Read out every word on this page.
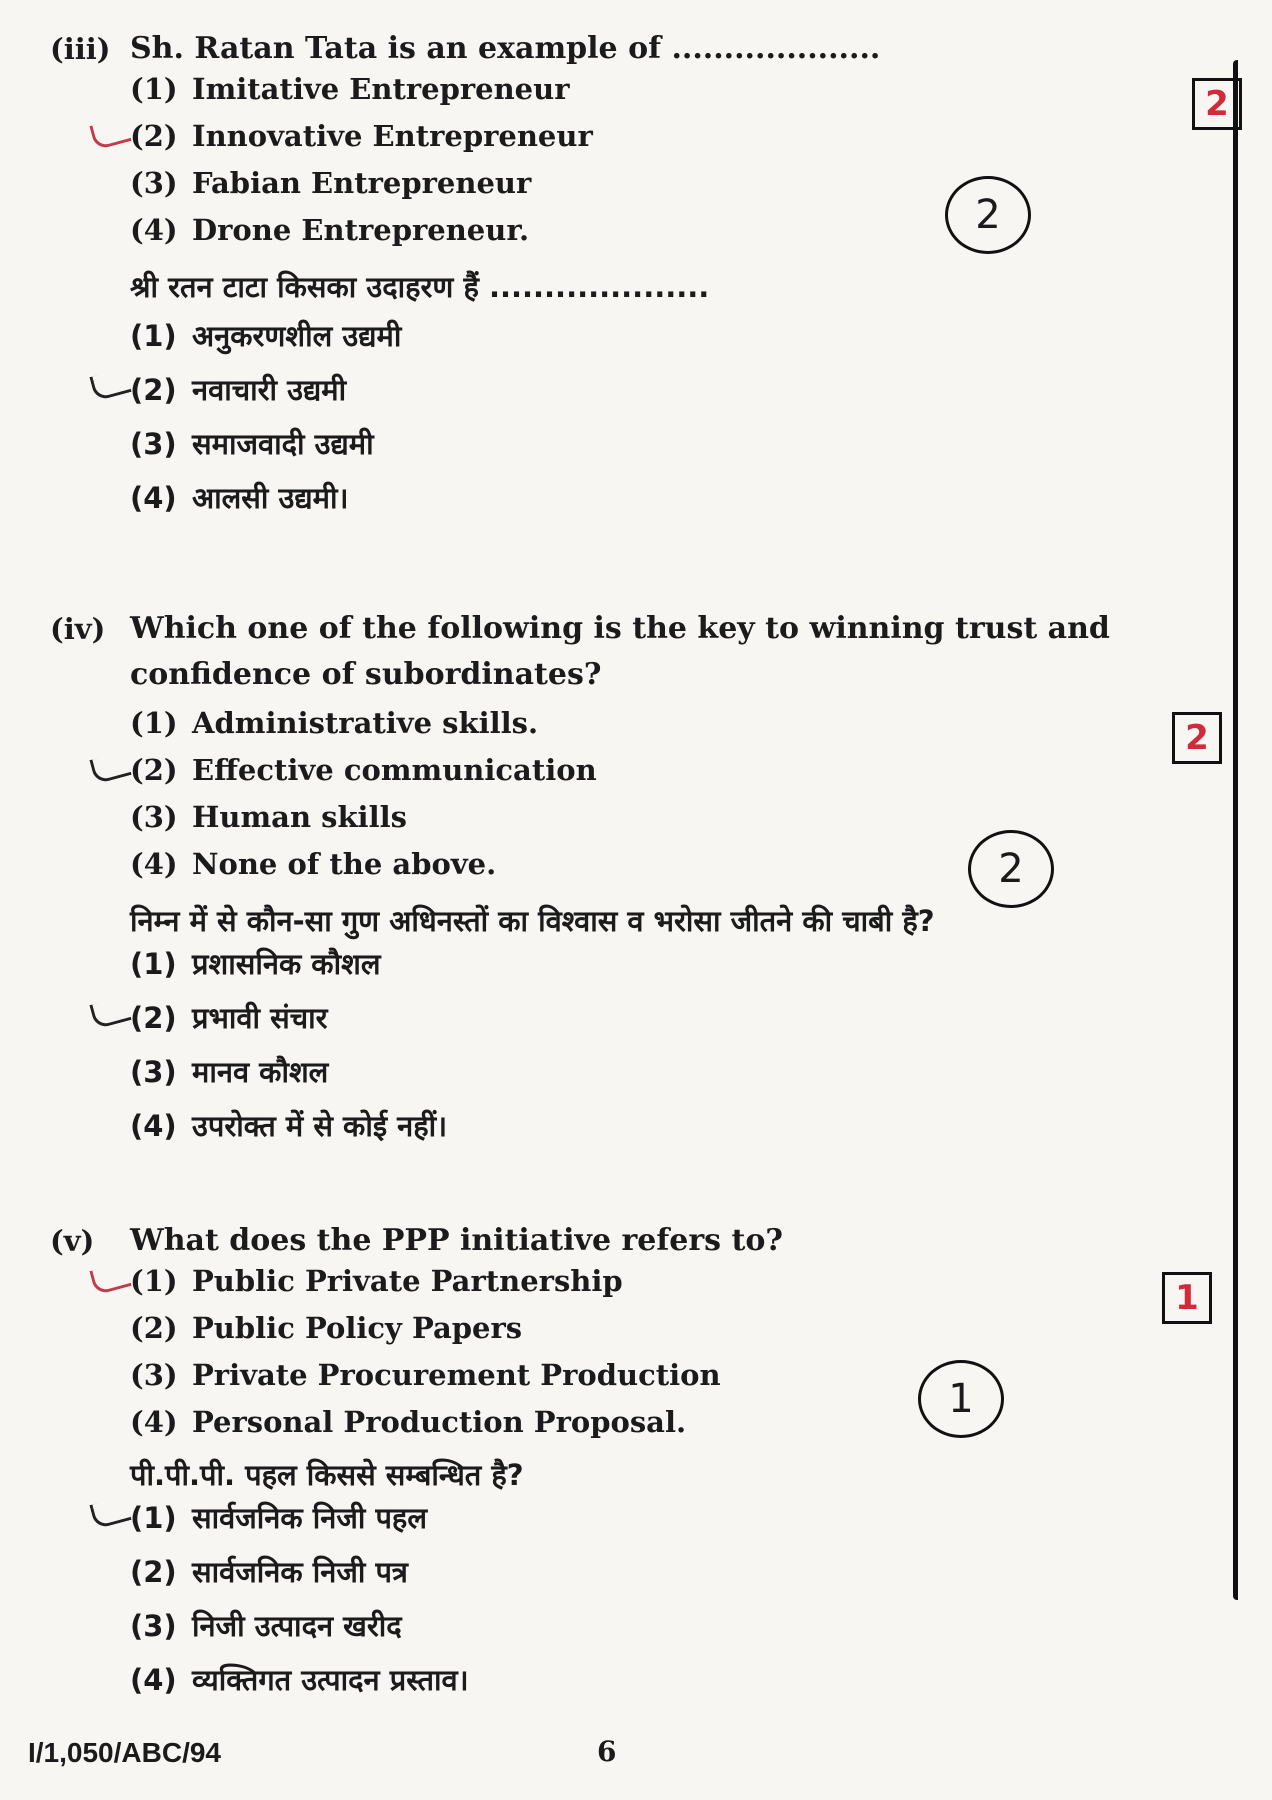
(iii) Sh. Ratan Tata is an example of ....................
(1) Imitative Entrepreneur
(2) Innovative Entrepreneur
(3) Fabian Entrepreneur
(4) Drone Entrepreneur.
श्री रतन टाटा किसका उदाहरण हैं ....................
(1) अनुकरणशील उद्यमी
(2) नवाचारी उद्यमी
(3) समाजवादी उद्यमी
(4) आलसी उद्यमी।
2
2
(iv) Which one of the following is the key to winning trust and confidence of subordinates?
(1) Administrative skills.
(2) Effective communication
(3) Human skills
(4) None of the above.
निम्न में से कौन-सा गुण अधिनस्तों का विश्वास व भरोसा जीतने की चाबी है?
(1) प्रशासनिक कौशल
(2) प्रभावी संचार
(3) मानव कौशल
(4) उपरोक्त में से कोई नहीं।
2
2
(v) What does the PPP initiative refers to?
(1) Public Private Partnership
(2) Public Policy Papers
(3) Private Procurement Production
(4) Personal Production Proposal.
पी.पी.पी. पहल किससे सम्बन्धित है?
(1) सार्वजनिक निजी पहल
(2) सार्वजनिक निजी पत्र
(3) निजी उत्पादन खरीद
(4) व्यक्तिगत उत्पादन प्रस्ताव।
1
1
I/1,050/ABC/94	6
